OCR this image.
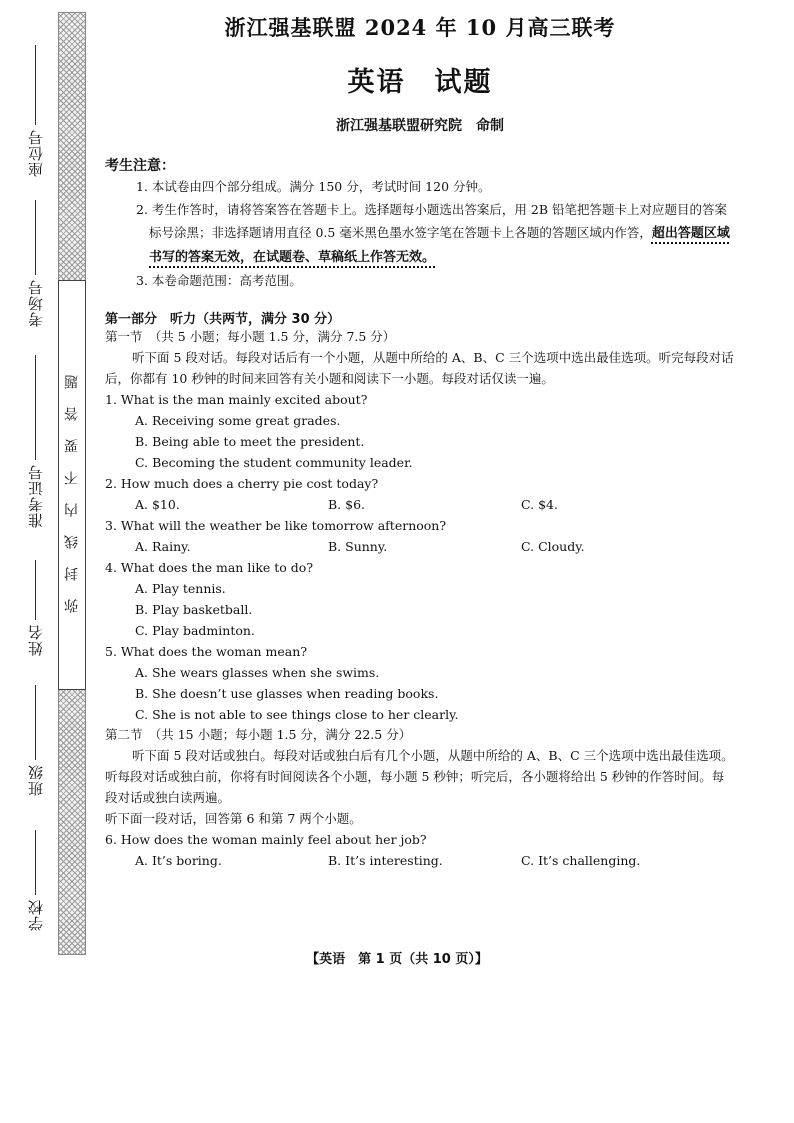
座位号
考场号
准考证号
姓名
班级
学校
弥封线内不要答题
浙江强基联盟 2024 年 10 月高三联考
英语　试题
浙江强基联盟研究院　命制
考生注意：
1. 本试卷由四个部分组成。满分 150 分，考试时间 120 分钟。
2. 考生作答时，请将答案答在答题卡上。选择题每小题选出答案后，用 2B 铅笔把答题卡上对应题目的答案标号涂黑；非选择题请用直径 0.5 毫米黑色墨水签字笔在答题卡上各题的答题区域内作答，超出答题区域书写的答案无效，在试题卷、草稿纸上作答无效。
3. 本卷命题范围：高考范围。
第一部分　听力（共两节，满分 30 分）
第一节　（共 5 小题；每小题 1.5 分，满分 7.5 分）

听下面 5 段对话。每段对话后有一个小题，从题中所给的 A、B、C 三个选项中选出最佳选项。听完每段对话后，你都有 10 秒钟的时间来回答有关小题和阅读下一小题。每段对话仅读一遍。

1. What is the man mainly excited about?
A. Receiving some great grades.
B. Being able to meet the president.
C. Becoming the student community leader.
2. How much does a cherry pie cost today?
A. $10.	B. $6.	C. $4.
3. What will the weather be like tomorrow afternoon?
A. Rainy.	B. Sunny.	C. Cloudy.
4. What does the man like to do?
A. Play tennis.
B. Play basketball.
C. Play badminton.
5. What does the woman mean?
A. She wears glasses when she swims.
B. She doesn’t use glasses when reading books.
C. She is not able to see things close to her clearly.
第二节　（共 15 小题；每小题 1.5 分，满分 22.5 分）

听下面 5 段对话或独白。每段对话或独白后有几个小题，从题中所给的 A、B、C 三个选项中选出最佳选项。听每段对话或独白前，你将有时间阅读各个小题，每小题 5 秒钟；听完后，各小题将给出 5 秒钟的作答时间。每段对话或独白读两遍。

听下面一段对话，回答第 6 和第 7 两个小题。
6. How does the woman mainly feel about her job?
A. It’s boring.	B. It’s interesting.	C. It’s challenging.
【英语　第 1 页（共 10 页）】
